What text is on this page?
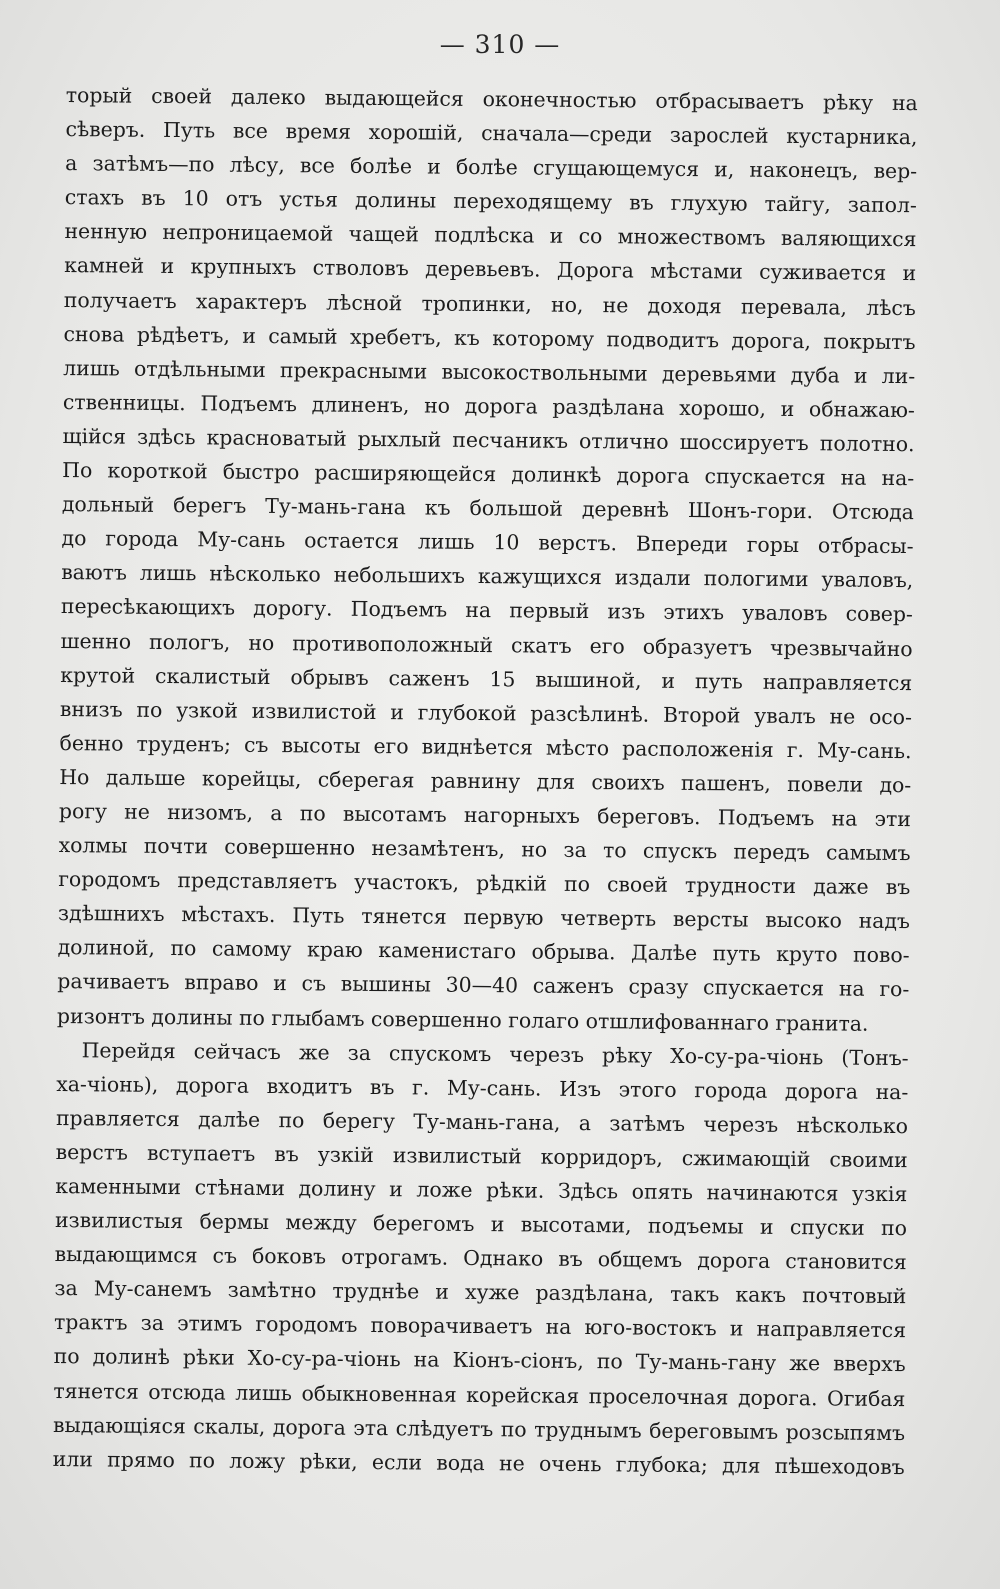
— 310 —
торый своей далеко выдающейся оконечностью отбрасываетъ рѣку на
сѣверъ. Путь все время хорошій, сначала—среди зарослей кустарника,
а затѣмъ—по лѣсу, все болѣе и болѣе сгущающемуся и, наконецъ, вер-
стахъ въ 10 отъ устья долины переходящему въ глухую тайгу, запол-
ненную непроницаемой чащей подлѣска и со множествомъ валяющихся
камней и крупныхъ стволовъ деревьевъ. Дорога мѣстами суживается и
получаетъ характеръ лѣсной тропинки, но, не доходя перевала, лѣсъ
снова рѣдѣетъ, и самый хребетъ, къ которому подводитъ дорога, покрытъ
лишь отдѣльными прекрасными высокоствольными деревьями дуба и ли-
ственницы. Подъемъ длиненъ, но дорога раздѣлана хорошо, и обнажаю-
щійся здѣсь красноватый рыхлый песчаникъ отлично шоссируетъ полотно.
По короткой быстро расширяющейся долинкѣ дорога спускается на на-
дольный берегъ Ту-мань-гана къ большой деревнѣ Шонъ-гори. Отсюда
до города Му-сань остается лишь 10 верстъ. Впереди горы отбрасы-
ваютъ лишь нѣсколько небольшихъ кажущихся издали пологими уваловъ,
пересѣкающихъ дорогу. Подъемъ на первый изъ этихъ уваловъ совер-
шенно пологъ, но противоположный скатъ его образуетъ чрезвычайно
крутой скалистый обрывъ саженъ 15 вышиной, и путь направляется
внизъ по узкой извилистой и глубокой разсѣлинѣ. Второй увалъ не осо-
бенно труденъ; съ высоты его виднѣется мѣсто расположенія г. Му-сань.
Но дальше корейцы, сберегая равнину для своихъ пашенъ, повели до-
рогу не низомъ, а по высотамъ нагорныхъ береговъ. Подъемъ на эти
холмы почти совершенно незамѣтенъ, но за то спускъ передъ самымъ
городомъ представляетъ участокъ, рѣдкій по своей трудности даже въ
здѣшнихъ мѣстахъ. Путь тянется первую четверть версты высоко надъ
долиной, по самому краю каменистаго обрыва. Далѣе путь круто пово-
рачиваетъ вправо и съ вышины 30—40 саженъ сразу спускается на го-
ризонтъ долины по глыбамъ совершенно голаго отшлифованнаго гранита.
Перейдя сейчасъ же за спускомъ черезъ рѣку Хо-су-ра-чіонь (Тонъ-
ха-чіонь), дорога входитъ въ г. Му-сань. Изъ этого города дорога на-
правляется далѣе по берегу Ту-мань-гана, а затѣмъ черезъ нѣсколько
верстъ вступаетъ въ узкій извилистый корридоръ, сжимающій своими
каменными стѣнами долину и ложе рѣки. Здѣсь опять начинаются узкія
извилистыя бермы между берегомъ и высотами, подъемы и спуски по
выдающимся съ боковъ отрогамъ. Однако въ общемъ дорога становится
за Му-санемъ замѣтно труднѣе и хуже раздѣлана, такъ какъ почтовый
трактъ за этимъ городомъ поворачиваетъ на юго-востокъ и направляется
по долинѣ рѣки Хо-су-ра-чіонь на Кіонъ-сіонъ, по Ту-мань-гану же вверхъ
тянется отсюда лишь обыкновенная корейская проселочная дорога. Огибая
выдающіяся скалы, дорога эта слѣдуетъ по труднымъ береговымъ розсыпямъ
или прямо по ложу рѣки, если вода не очень глубока; для пѣшеходовъ
